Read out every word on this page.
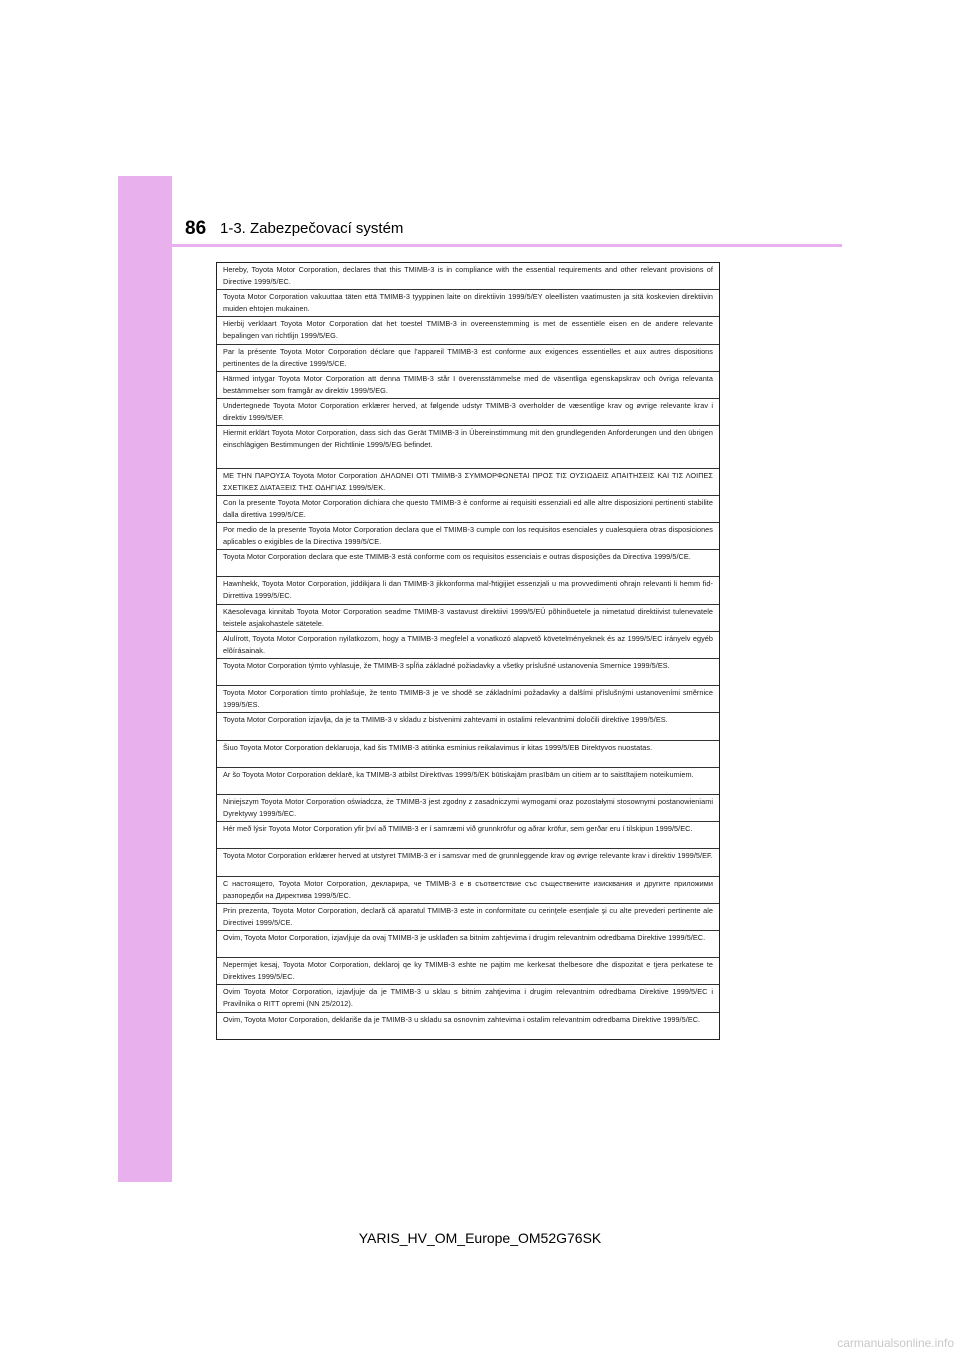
86 1-3. Zabezpečovací systém
Hereby, Toyota Motor Corporation, declares that this TMIMB-3 is in compliance with the essential requirements and other relevant provisions of Directive 1999/5/EC.
Toyota Motor Corporation vakuuttaa täten että TMIMB-3 tyyppinen laite on direktiivin 1999/5/EY oleellisten vaatimusten ja sitä koskevien direktiivin muiden ehtojen mukainen.
Hierbij verklaart Toyota Motor Corporation dat het toestel TMIMB-3 in overeenstemming is met de essentiële eisen en de andere relevante bepalingen van richtlijn 1999/5/EG.
Par la présente Toyota Motor Corporation déclare que l'appareil TMIMB-3 est conforme aux exigences essentielles et aux autres dispositions pertinentes de la directive 1999/5/CE.
Härmed intygar Toyota Motor Corporation att denna TMIMB-3 står I överensstämmelse med de väsentliga egenskapskrav och övriga relevanta bestämmelser som framgår av direktiv 1999/5/EG.
Undertegnede Toyota Motor Corporation erklærer herved, at følgende udstyr TMIMB-3 overholder de væsentlige krav og øvrige relevante krav i direktiv 1999/5/EF.
Hiermit erklärt Toyota Motor Corporation, dass sich das Gerät TMIMB-3 in Übereinstimmung mit den grundlegenden Anforderungen und den übrigen einschlägigen Bestimmungen der Richtlinie 1999/5/EG befindet.
ΜΕ ΤΗΝ ΠΑΡΟΥΣΑ Toyota Motor Corporation ΔΗΛΩΝΕΙ ΟΤΙ TMIMB-3 ΣΥΜΜΟΡΦΩΝΕΤΑΙ ΠΡΟΣ ΤΙΣ ΟΥΣΙΩΔΕΙΣ ΑΠΑΙΤΗΣΕΙΣ ΚΑΙ ΤΙΣ ΛΟΙΠΕΣ ΣΧΕΤΙΚΕΣ ΔΙΑΤΑΞΕΙΣ ΤΗΣ ΟΔΗΓΙΑΣ 1999/5/ΕΚ.
Con la presente Toyota Motor Corporation dichiara che questo TMIMB-3 è conforme ai requisiti essenziali ed alle altre disposizioni pertinenti stabilite dalla direttiva 1999/5/CE.
Por medio de la presente Toyota Motor Corporation declara que el TMIMB-3 cumple con los requisitos esenciales y cualesquiera otras disposiciones aplicables o exigibles de la Directiva 1999/5/CE.
Toyota Motor Corporation declara que este TMIMB-3 está conforme com os requisitos essenciais e outras disposições da Directiva 1999/5/CE.
Hawnhekk, Toyota Motor Corporation, jiddikjara li dan TMIMB-3 jikkonforma mal-ħtiġijiet essenzjali u ma provvedimenti oħrajn relevanti li hemm fid-Dirrettiva 1999/5/EC.
Käesolevaga kinnitab Toyota Motor Corporation seadme TMIMB-3 vastavust direktiivi 1999/5/EÜ põhinõuetele ja nimetatud direktiivist tulenevatele teistele asjakohastele sätetele.
Alulírott, Toyota Motor Corporation nyilatkozom, hogy a TMIMB-3 megfelel a vonatkozó alapvetõ követelményeknek és az 1999/5/EC irányelv egyéb elõírásainak.
Toyota Motor Corporation týmto vyhlasuje, že TMIMB-3 spĺňa základné požiadavky a všetky príslušné ustanovenia Smernice 1999/5/ES.
Toyota Motor Corporation tímto prohlašuje, že tento TMIMB-3 je ve shodě se základními požadavky a dalšími příslušnými ustanoveními směrnice 1999/5/ES.
Toyota Motor Corporation izjavlja, da je ta TMIMB-3 v skladu z bistvenimi zahtevami in ostalimi relevantnimi določili direktive 1999/5/ES.
Šiuo Toyota Motor Corporation deklaruoja, kad šis TMIMB-3 atitinka esminius reikalavimus ir kitas 1999/5/EB Direktyvos nuostatas.
Ar šo Toyota Motor Corporation deklarē, ka TMIMB-3 atbilst Direktīvas 1999/5/EK būtiskajām prasībām un citiem ar to saistītajiem noteikumiem.
Niniejszym Toyota Motor Corporation oświadcza, że TMIMB-3 jest zgodny z zasadniczymi wymogami oraz pozostałymi stosownymi postanowieniami Dyrektywy 1999/5/EC.
Hér með lýsir Toyota Motor Corporation yfir því að TMIMB-3 er í samræmi við grunnkröfur og aðrar kröfur, sem gerðar eru í tilskipun 1999/5/EC.
Toyota Motor Corporation erklærer herved at utstyret TMIMB-3 er i samsvar med de grunnleggende krav og øvrige relevante krav i direktiv 1999/5/EF.
С настоящето, Toyota Motor Corporation, декларира, че TMIMB-3 е в съответствие със съществените изисквания и другите приложими разпоредби на Директива 1999/5/ЕС.
Prin prezenta, Toyota Motor Corporation, declară că aparatul TMIMB-3 este in conformitate cu cerinţele esenţiale şi cu alte prevederi pertinente ale Directivei 1999/5/CE.
Ovim, Toyota Motor Corporation, izjavljuje da ovaj TMIMB-3 je usklađen sa bitnim zahtjevima i drugim relevantnim odredbama Direktive 1999/5/EC.
Nepermjet kesaj, Toyota Motor Corporation, deklaroj qe ky TMIMB-3 eshte ne pajtim me kerkesat thelbesore dhe dispozitat e tjera perkatese te Direktives 1999/5/EC.
Ovim Toyota Motor Corporation, izjavljuje da je TMIMB-3 u sklau s bitnim zahtjevima i drugim relevantnim odredbama Direktive 1999/5/EC i Pravilnika o RITT opremi (NN 25/2012).
Ovim, Toyota Motor Corporation, deklariše da je TMIMB-3 u skladu sa osnovnim zahtevima i ostalim relevantnim odredbama Direktive 1999/5/EC.
YARIS_HV_OM_Europe_OM52G76SK
carmanualsonline.info
